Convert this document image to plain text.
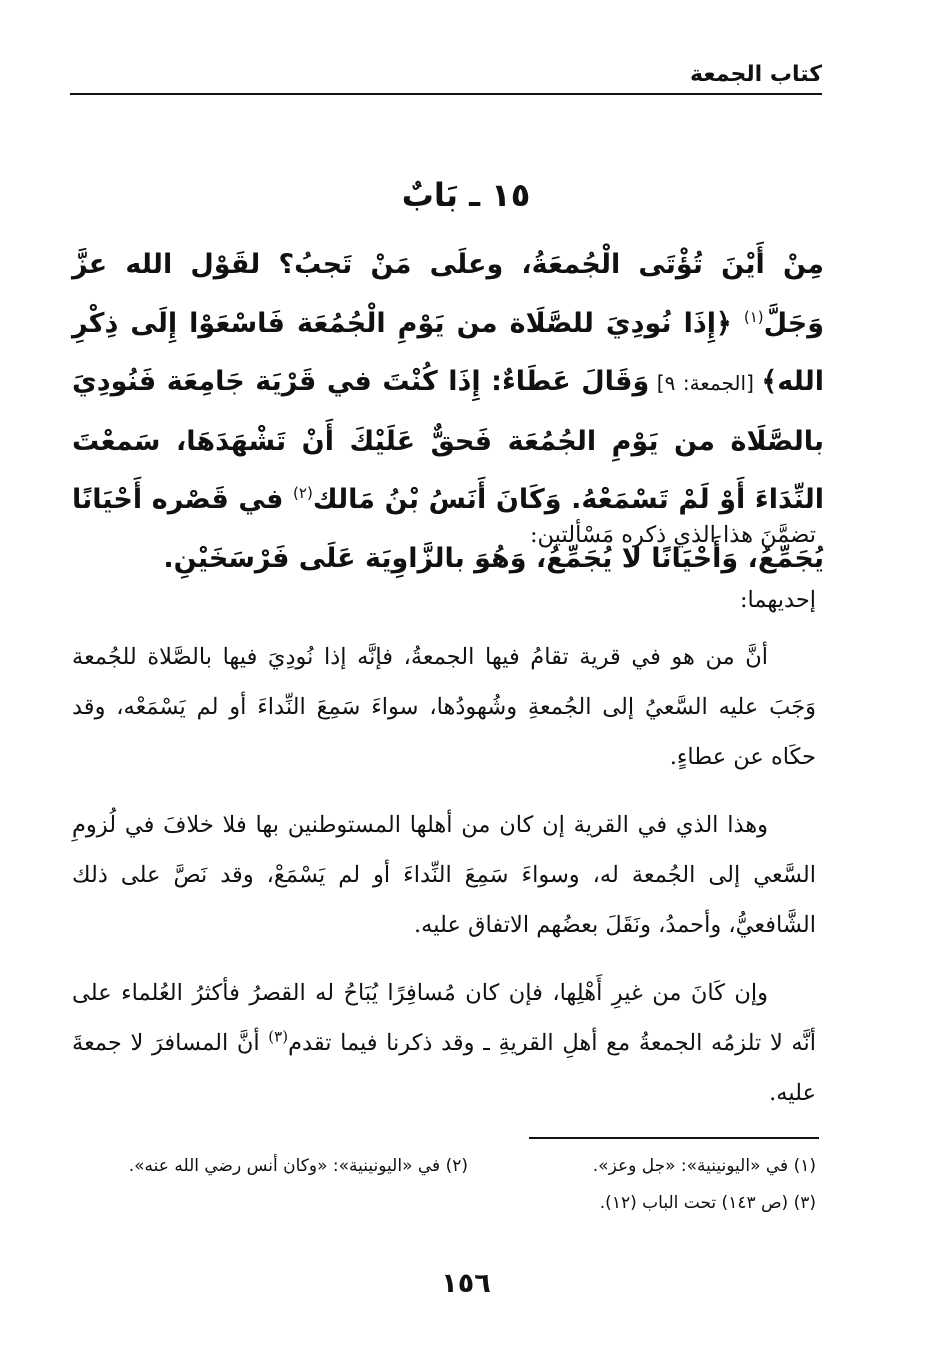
كتاب الجمعة
١٥ ـ بَابٌ
مِنْ أَيْنَ تُؤْتَى الْجُمعَةُ، وعلَى مَنْ تَجبُ؟ لقَوْل الله عزَّ وَجَلَّ$^{(١)}$ ﴿إِذَا نُودِيَ للصَّلَاة من يَوْمِ الْجُمُعَة فَاسْعَوْا إِلَى ذِكْرِ الله﴾ [الجمعة: ٩] وَقَالَ عَطَاءٌ: إِذَا كُنْتَ في قَرْيَة جَامِعَة فَنُودِيَ بالصَّلَاة من يَوْمِ الجُمُعَة فَحقٌّ عَلَيْكَ أَنْ تَشْهَدَهَا، سَمعْتَ النِّدَاءَ أَوْ لَمْ تَسْمَعْهُ. وَكَانَ أَنَسُ بْنُ مَالك$^{(٢)}$ في قَصْره أَحْيَانًا يُجَمِّعُ، وَأَحْيَانًا لا يُجَمِّعُ، وَهُوَ بالزَّاوِيَة عَلَى فَرْسَخَيْنِ.
تضمَّنَ هذا الذي ذكره مَسْألتين:
إحديهما:
أنَّ من هو في قرية تقامُ فيها الجمعةُ، فإنَّه إذا نُودِيَ فيها بالصَّلاة للجُمعة وَجَبَ عليه السَّعيُ إلى الجُمعةِ وشُهودُها، سواءَ سَمِعَ النِّداءَ أو لم يَسْمَعْه، وقد حكَاه عن عطاءٍ.
وهذا الذي في القرية إن كان من أهلها المستوطنين بها فلا خلافَ في لُزومِ السَّعي إلى الجُمعة له، وسواءَ سَمِعَ النِّداءَ أو لم يَسْمَعْ، وقد نَصَّ على ذلك الشَّافعيُّ، وأحمدُ، ونَقَلَ بعضُهم الاتفاق عليه.
وإن كَانَ من غيرِ أَهْلِها، فإن كان مُسافِرًا يُبَاحُ له القصرُ فأكثرُ العُلماء على أنَّه لا تلزمُه الجمعةُ مع أهلِ القريةِ ـ وقد ذكرنا فيما تقدم$^{(٣)}$ أنَّ المسافرَ لا جمعةَ عليه.
(١) في «اليونينية»: «جل وعز».
(٢) في «اليونينية»: «وكان أنس رضي الله عنه».
(٣) (ص ١٤٣) تحت الباب (١٢).
١٥٦
